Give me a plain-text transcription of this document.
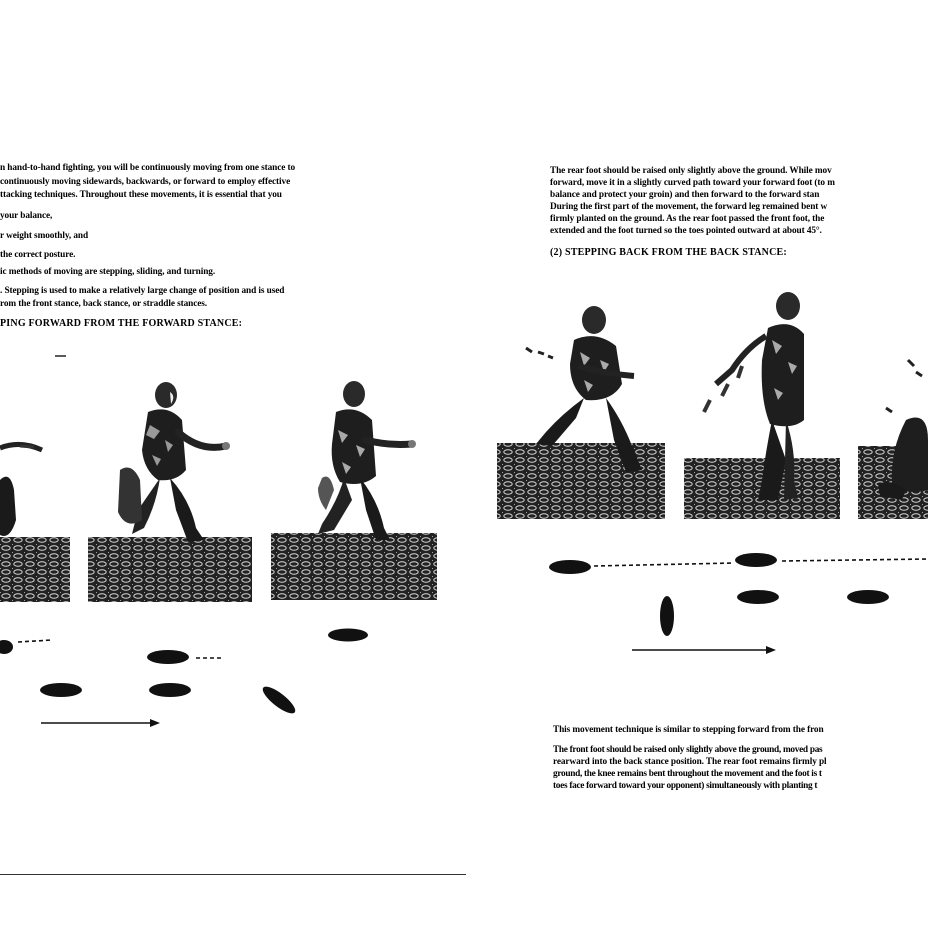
n hand-to-hand fighting, you will be continuously moving from one stance to
continuously moving sidewards, backwards, or forward to employ effective
ttacking techniques. Throughout these movements, it is essential that you
your balance,
r weight smoothly, and
the correct posture.
ic methods of moving are stepping, sliding, and turning.
. Stepping is used to make a relatively large change of position and is used
rom the front stance, back stance, or straddle stances.
PING FORWARD FROM THE FORWARD STANCE:
The rear foot should be raised only slightly above the ground. While mov
forward, move it in a slightly curved path toward your forward foot (to m
balance and protect your groin) and then forward to the forward stan
During the first part of the movement, the forward leg remained bent w
firmly planted on the ground. As the rear foot passed the front foot, the
extended and the foot turned so the toes pointed outward at about 45°.
(2) STEPPING BACK FROM THE BACK STANCE:
This movement technique is similar to stepping forward from the fron
The front foot should be raised only slightly above the ground, moved pas
rearward into the back stance position. The rear foot remains firmly pl
ground, the knee remains bent throughout the movement and the foot is t
toes face forward toward your opponent) simultaneously with planting t
